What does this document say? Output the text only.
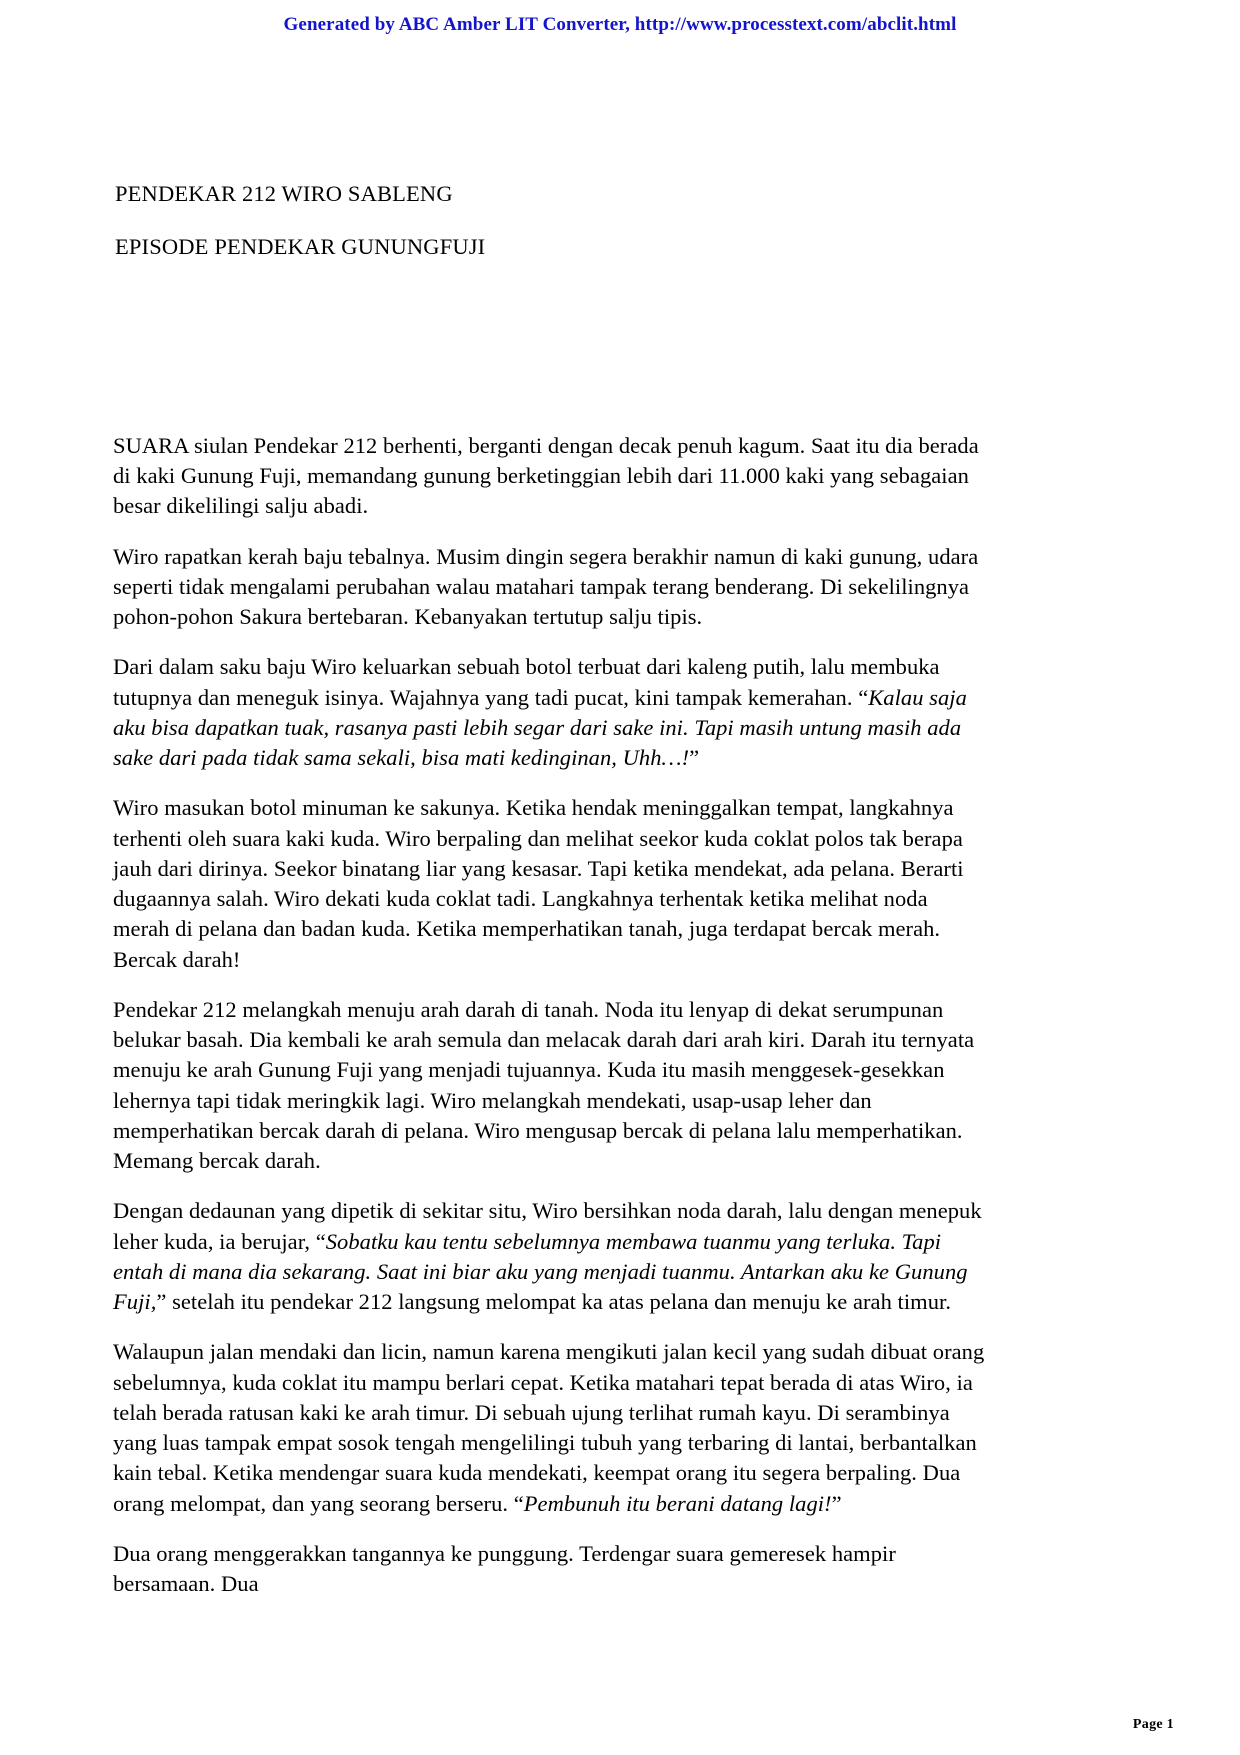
Generated by ABC Amber LIT Converter, http://www.processtext.com/abclit.html
PENDEKAR 212 WIRO SABLENG
EPISODE PENDEKAR GUNUNGFUJI

SUARA siulan Pendekar 212 berhenti, berganti dengan decak penuh kagum. Saat itu dia berada di kaki Gunung Fuji, memandang gunung berketinggian lebih dari 11.000 kaki yang sebagaian besar dikelilingi salju abadi.

Wiro rapatkan kerah baju tebalnya. Musim dingin segera berakhir namun di kaki gunung, udara seperti tidak mengalami perubahan walau matahari tampak terang benderang. Di sekelilingnya pohon-pohon Sakura bertebaran. Kebanyakan tertutup salju tipis.

Dari dalam saku baju Wiro keluarkan sebuah botol terbuat dari kaleng putih, lalu membuka tutupnya dan meneguk isinya. Wajahnya yang tadi pucat, kini tampak kemerahan. “Kalau saja aku bisa dapatkan tuak, rasanya pasti lebih segar dari sake ini. Tapi masih untung masih ada sake dari pada tidak sama sekali, bisa mati kedinginan, Uhh…!”

Wiro masukan botol minuman ke sakunya. Ketika hendak meninggalkan tempat, langkahnya terhenti oleh suara kaki kuda. Wiro berpaling dan melihat seekor kuda coklat polos tak berapa jauh dari dirinya. Seekor binatang liar yang kesasar. Tapi ketika mendekat, ada pelana. Berarti dugaannya salah. Wiro dekati kuda coklat tadi. Langkahnya terhentak ketika melihat noda merah di pelana dan badan kuda. Ketika memperhatikan tanah, juga terdapat bercak merah. Bercak darah!

Pendekar 212 melangkah menuju arah darah di tanah. Noda itu lenyap di dekat serumpunan belukar basah. Dia kembali ke arah semula dan melacak darah dari arah kiri. Darah itu ternyata menuju ke arah Gunung Fuji yang menjadi tujuannya. Kuda itu masih menggesek-gesekkan lehernya tapi tidak meringkik lagi. Wiro melangkah mendekati, usap-usap leher dan memperhatikan bercak darah di pelana. Wiro mengusap bercak di pelana lalu memperhatikan. Memang bercak darah.

Dengan dedaunan yang dipetik di sekitar situ, Wiro bersihkan noda darah, lalu dengan menepuk leher kuda, ia berujar, “Sobatku kau tentu sebelumnya membawa tuanmu yang terluka. Tapi entah di mana dia sekarang. Saat ini biar aku yang menjadi tuanmu. Antarkan aku ke Gunung Fuji,” setelah itu pendekar 212 langsung melompat ka atas pelana dan menuju ke arah timur.

Walaupun jalan mendaki dan licin, namun karena mengikuti jalan kecil yang sudah dibuat orang sebelumnya, kuda coklat itu mampu berlari cepat. Ketika matahari tepat berada di atas Wiro, ia telah berada ratusan kaki ke arah timur. Di sebuah ujung terlihat rumah kayu. Di serambinya yang luas tampak empat sosok tengah mengelilingi tubuh yang terbaring di lantai, berbantalkan kain tebal. Ketika mendengar suara kuda mendekati, keempat orang itu segera berpaling. Dua orang melompat, dan yang seorang berseru. “Pembunuh itu berani datang lagi!”

Dua orang menggerakkan tangannya ke punggung. Terdengar suara gemeresek hampir bersamaan. Dua

Page 1
